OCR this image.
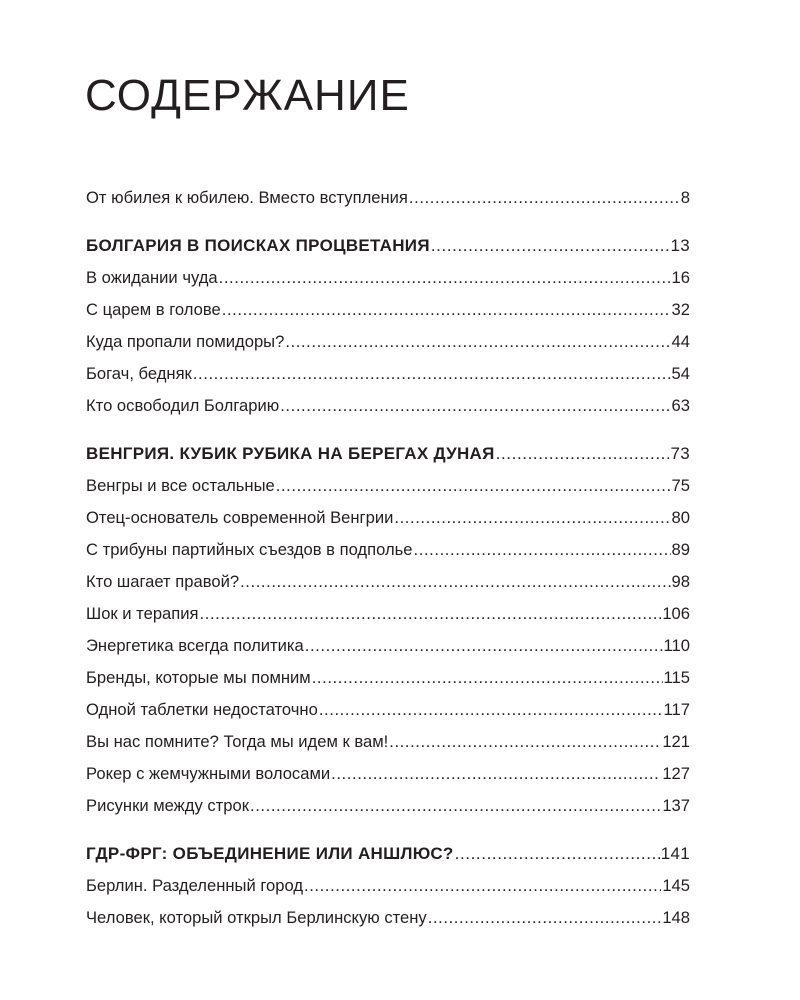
СОДЕРЖАНИЕ
От юбилея к юбилею. Вместо вступления .....	8
БОЛГАРИЯ В ПОИСКАХ ПРОЦВЕТАНИЯ .....	13
В ожидании чуда .....	16
С царем в голове .....	32
Куда пропали помидоры? .....	44
Богач, бедняк .....	54
Кто освободил Болгарию .....	63
ВЕНГРИЯ. КУБИК РУБИКА НА БЕРЕГАХ ДУНАЯ .....	73
Венгры и все остальные .....	75
Отец-основатель современной Венгрии .....	80
С трибуны партийных съездов в подполье .....	89
Кто шагает правой? .....	98
Шок и терапия .....	106
Энергетика всегда политика .....	110
Бренды, которые мы помним .....	115
Одной таблетки недостаточно .....	117
Вы нас помните? Тогда мы идем к вам! .....	121
Рокер с жемчужными волосами .....	127
Рисунки между строк .....	137
ГДР-ФРГ: ОБЪЕДИНЕНИЕ ИЛИ АНШЛЮС? .....	141
Берлин. Разделенный город .....	145
Человек, который открыл Берлинскую стену .....	148
